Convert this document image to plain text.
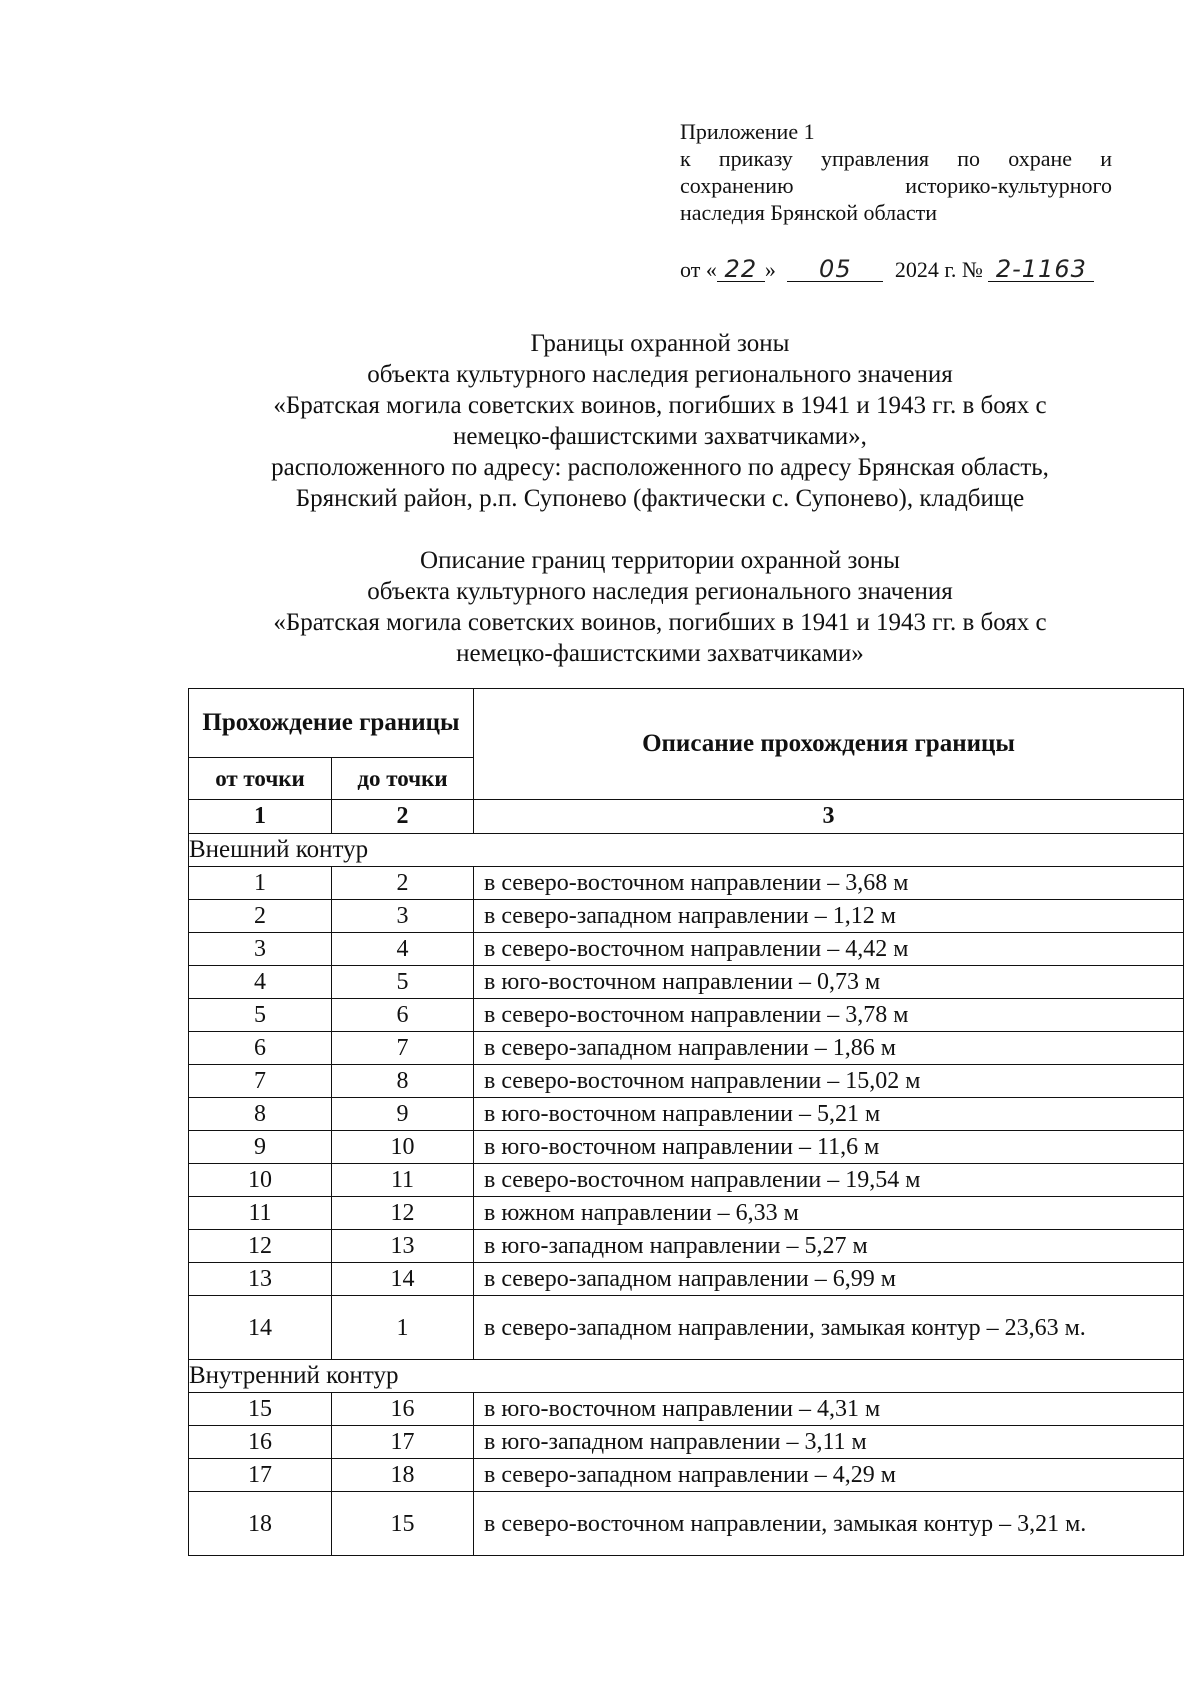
Приложение 1
к приказу управления по охране и
сохранению историко-культурного
наследия Брянской области
от « 22 » 05 2024 г. № 2-1163
Границы охранной зоны
объекта культурного наследия регионального значения
«Братская могила советских воинов, погибших в 1941 и 1943 гг. в боях с
немецко-фашистскими захватчиками»,
расположенного по адресу: расположенного по адресу Брянская область,
Брянский район, р.п. Супонево (фактически с. Супонево), кладбище
Описание границ территории охранной зоны
объекта культурного наследия регионального значения
«Братская могила советских воинов, погибших в 1941 и 1943 гг. в боях с
немецко-фашистскими захватчиками»
Прохождение границы		Описание прохождения границы
от точки	до точки	
1	2	3
Внешний контур		
1	2	в северо-восточном направлении – 3,68 м
2	3	в северо-западном направлении – 1,12 м
3	4	в северо-восточном направлении – 4,42 м
4	5	в юго-восточном направлении – 0,73 м
5	6	в северо-восточном направлении – 3,78 м
6	7	в северо-западном направлении – 1,86 м
7	8	в северо-восточном направлении – 15,02 м
8	9	в юго-восточном направлении – 5,21 м
9	10	в юго-восточном направлении – 11,6 м
10	11	в северо-восточном направлении – 19,54 м
11	12	в южном направлении – 6,33 м
12	13	в юго-западном направлении – 5,27 м
13	14	в северо-западном направлении – 6,99 м
14	1	в северо-западном направлении, замыкая контур – 23,63 м.
Внутренний контур		
15	16	в юго-восточном направлении – 4,31 м
16	17	в юго-западном направлении – 3,11 м
17	18	в северо-западном направлении – 4,29 м
18	15	в северо-восточном направлении, замыкая контур – 3,21 м.
